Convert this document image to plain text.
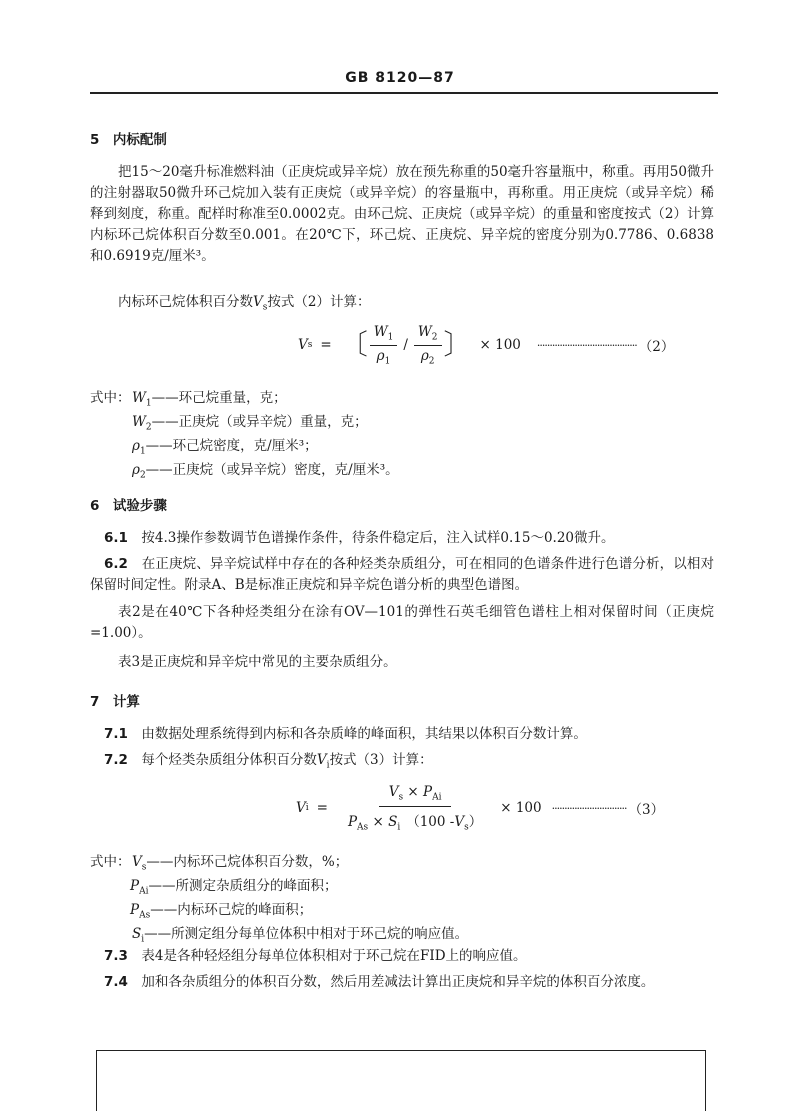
GB 8120—87
5　内标配制
把15～20毫升标准燃料油（正庚烷或异辛烷）放在预先称重的50毫升容量瓶中，称重。再用50微升的注射器取50微升环己烷加入装有正庚烷（或异辛烷）的容量瓶中，再称重。用正庚烷（或异辛烷）稀释到刻度，称重。配样时称准至0.0002克。由环己烷、正庚烷（或异辛烷）的重量和密度按式（2）计算内标环己烷体积百分数至0.001。在20℃下，环己烷、正庚烷、异辛烷的密度分别为0.7786、0.6838和0.6919克/厘米³。
内标环己烷体积百分数$V_s$按式（2）计算：
V s = 〔 $\frac{W_1}{\rho_1} / \frac{W_2}{\rho_2}$ 〕 × 100 ········································ （2）
式中： $W_1——$环己烷重量，克；
$W_2——$正庚烷（或异辛烷）重量，克；
$\rho_1——$环己烷密度，克/厘米³；
$\rho_2——$正庚烷（或异辛烷）密度，克/厘米³。
6　试验步骤
6.1　 按4.3操作参数调节色谱操作条件，待条件稳定后，注入试样0.15～0.20微升。
6.2　 在正庚烷、异辛烷试样中存在的各种烃类杂质组分，可在相同的色谱条件进行色谱分析，以相对保留时间定性。附录A、B是标准正庚烷和异辛烷色谱分析的典型色谱图。
表2是在40℃下各种烃类组分在涂有OV—101的弹性石英毛细管色谱柱上相对保留时间（正庚烷=1.00）。
表3是正庚烷和异辛烷中常见的主要杂质组分。
7　计算
7.1　 由数据处理系统得到内标和各杂质峰的峰面积，其结果以体积百分数计算。
7.2　 每个烃类杂质组分体积百分数$V_i$按式（3）计算：
V $i = \frac{V_s \times P_{Ai}}{P_{As} \times S_i (100 -V_s)} \times 100$ ······························ （3）
式中： $V_s——$内标环己烷体积百分数，%；
$P_{Ai}——$所测定杂质组分的峰面积；
$P_{As}——$内标环己烷的峰面积；
$S_i——$所测定组分每单位体积中相对于环己烷的响应值。
7.3　 表4是各种轻烃组分每单位体积相对于环己烷在FID上的响应值。
7.4　 加和各杂质组分的体积百分数，然后用差减法计算出正庚烷和异辛烷的体积百分浓度。
